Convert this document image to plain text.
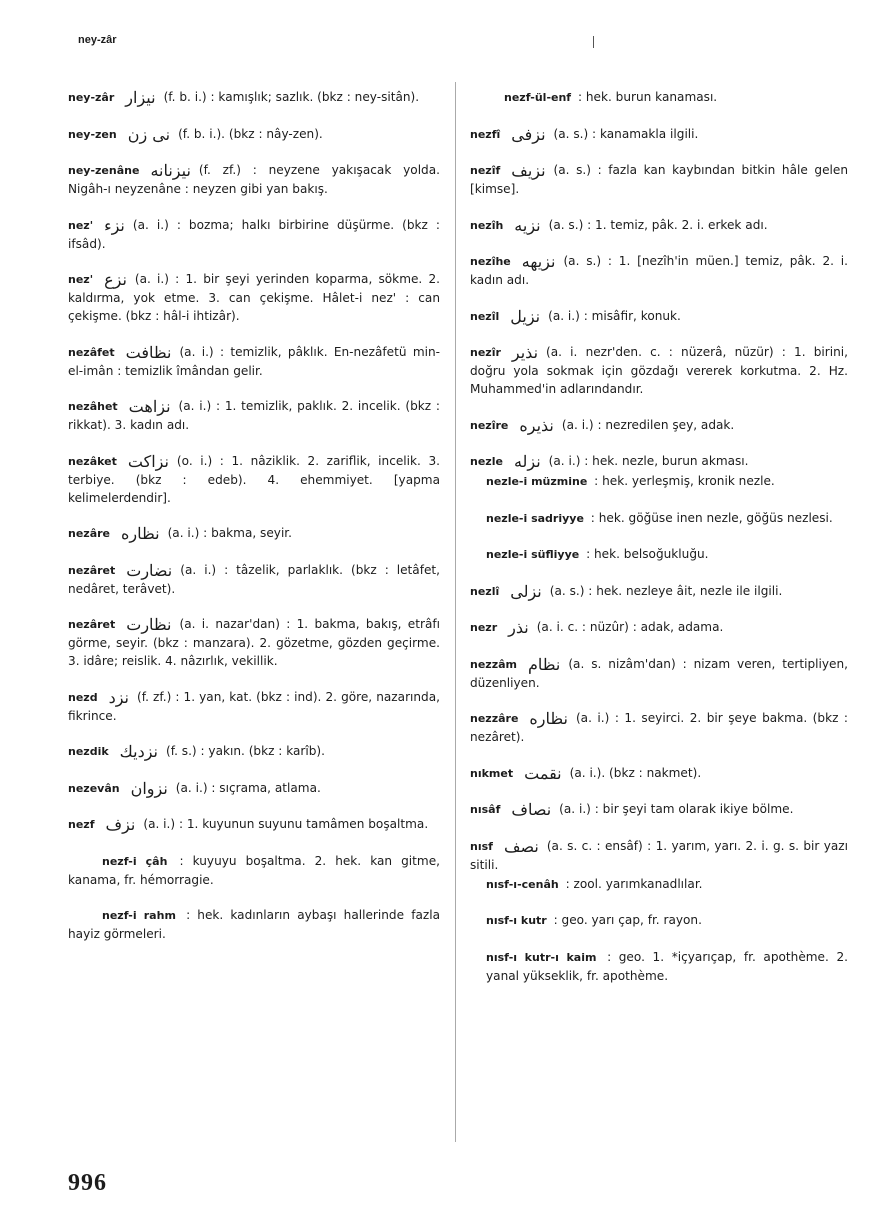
ney-zâr

ney-zâr نیزار (f. b. i.) : kamışlık; sazlık. (bkz : ney-sitân).

ney-zen نی زن (f. b. i.). (bkz : nây-zen).

ney-zenâne نیزنانه (f. zf.) : neyzene yakışacak yolda. Nigâh-ı neyzenâne : neyzen gibi yan bakış.

nez' نزء (a. i.) : bozma; halkı birbirine düşürme. (bkz : ifsâd).

nez' نزع (a. i.) : 1. bir şeyi yerinden koparma, sökme. 2. kaldırma, yok etme. 3. can çekişme. Hâlet-i nez' : can çekişme. (bkz : hâl-i ihtizâr).

nezâfet نظافت (a. i.) : temizlik, pâklık. En-nezâfetü min-el-imân : temizlik îmândan gelir.

nezâhet نزاهت (a. i.) : 1. temizlik, paklık. 2. incelik. (bkz : rikkat). 3. kadın adı.

nezâket نزاکت (o. i.) : 1. nâziklik. 2. zariflik, incelik. 3. terbiye. (bkz : edeb). 4. ehemmiyet. [yapma kelimelerdendir].

nezâre نظاره (a. i.) : bakma, seyir.

nezâret نضارت (a. i.) : tâzelik, parlaklık. (bkz : letâfet, nedâret, terâvet).

nezâret نظارت (a. i. nazar'dan) : 1. bakma, bakış, etrâfı görme, seyir. (bkz : manzara). 2. gözetme, gözden geçirme. 3. idâre; reislik. 4. nâzırlık, vekillik.

nezd نزد (f. zf.) : 1. yan, kat. (bkz : ind). 2. göre, nazarında, fikrince.

nezdik نزدیك (f. s.) : yakın. (bkz : karîb).

nezevân نزوان (a. i.) : sıçrama, atlama.

nezf نزف (a. i.) : 1. kuyunun suyunu tamâmen boşaltma.

nezf-i çâh : kuyuyu boşaltma. 2. hek. kan gitme, kanama, fr. hémorragie.

nezf-i rahm : hek. kadınların aybaşı hallerinde fazla hayiz görmeleri.

nezf-ül-enf : hek. burun kanaması.

nezfî نزفی (a. s.) : kanamakla ilgili.

nezîf نزیف (a. s.) : fazla kan kaybından bitkin hâle gelen [kimse].

nezîh نزیه (a. s.) : 1. temiz, pâk. 2. i. erkek adı.

nezîhe نزیهه (a. s.) : 1. [nezîh'in müen.] temiz, pâk. 2. i. kadın adı.

nezîl نزیل (a. i.) : misâfir, konuk.

nezîr نذیر (a. i. nezr'den. c. : nüzerâ, nüzür) : 1. birini, doğru yola sokmak için gözdağı vererek korkutma. 2. Hz. Muhammed'in adlarındandır.

nezîre نذیره (a. i.) : nezredilen şey, adak.

nezle نزله (a. i.) : hek. nezle, burun akması.

nezle-i müzmine : hek. yerleşmiş, kronik nezle.

nezle-i sadriyye : hek. göğüse inen nezle, göğüs nezlesi.

nezle-i süfliyye : hek. belsoğukluğu.

nezlî نزلی (a. s.) : hek. nezleye âit, nezle ile ilgili.

nezr نذر (a. i. c. : nüzûr) : adak, adama.

nezzâm نظام (a. s. nizâm'dan) : nizam veren, tertipliyen, düzenliyen.

nezzâre نظاره (a. i.) : 1. seyirci. 2. bir şeye bakma. (bkz : nezâret).

nıkmet نقمت (a. i.). (bkz : nakmet).

nısâf نصاف (a. i.) : bir şeyi tam olarak ikiye bölme.

nısf نصف (a. s. c. : ensâf) : 1. yarım, yarı. 2. i. g. s. bir yazı sitili.

nısf-ı-cenâh : zool. yarımkanadlılar.

nısf-ı kutr : geo. yarı çap, fr. rayon.

nısf-ı kutr-ı kaim : geo. 1. *içyarıçap, fr. apothème. 2. yanal yükseklik, fr. apothème.

996
